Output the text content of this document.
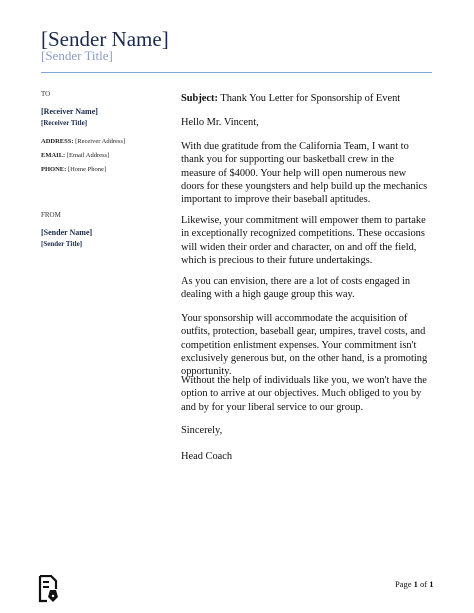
[Sender Name]
[Sender Title]
TO
[Receiver Name]
[Receiver Title]
ADDRESS: [Receiver Address]
EMAIL: [Email Address]
PHONE: [Home Phone]
FROM
[Sender Name]
[Sender Title]
Subject: Thank You Letter for Sponsorship of Event

Hello Mr. Vincent,

With due gratitude from the California Team, I want to thank you for supporting our basketball crew in the measure of $4000. Your help will open numerous new doors for these youngsters and help build up the mechanics important to improve their baseball aptitudes.

Likewise, your commitment will empower them to partake in exceptionally recognized competitions. These occasions will widen their order and character, on and off the field, which is precious to their future undertakings.

As you can envision, there are a lot of costs engaged in dealing with a high gauge group this way.

Your sponsorship will accommodate the acquisition of outfits, protection, baseball gear, umpires, travel costs, and competition enlistment expenses. Your commitment isn't exclusively generous but, on the other hand, is a promoting opportunity.

Without the help of individuals like you, we won't have the option to arrive at our objectives. Much obliged to you by and by for your liberal service to our group.

Sincerely,

Head Coach

Page 1 of 1
